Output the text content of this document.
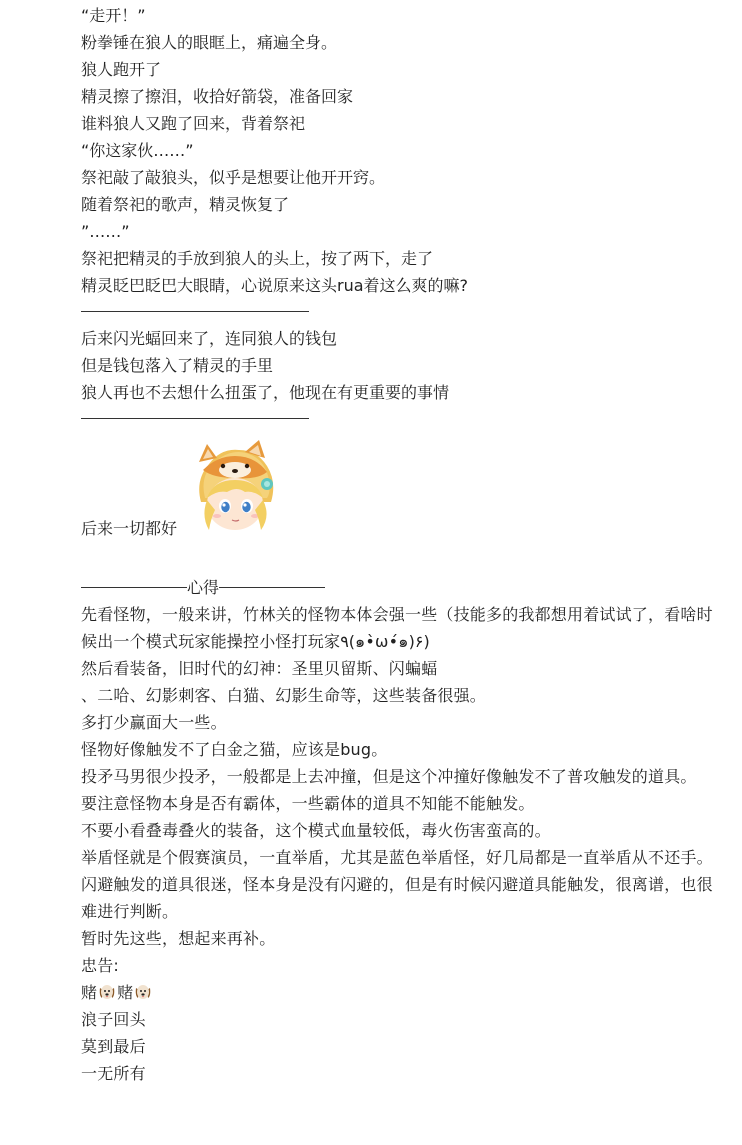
“走开！”
粉拳锤在狼人的眼眶上，痛遍全身。
狼人跑开了
精灵擦了擦泪，收拾好箭袋，准备回家
谁料狼人又跑了回来，背着祭祀
“你这家伙……”
祭祀敲了敲狼头，似乎是想要让他开开窍。
随着祭祀的歌声，精灵恢复了
”……”
祭祀把精灵的手放到狼人的头上，按了两下，走了
精灵眨巴眨巴大眼睛，心说原来这头rua着这么爽的嘛?
后来闪光蝠回来了，连同狼人的钱包
但是钱包落入了精灵的手里
狼人再也不去想什么扭蛋了，他现在有更重要的事情
后来一切都好
心得
先看怪物，一般来讲，竹林关的怪物本体会强一些（技能多的我都想用着试试了，看啥时候出一个模式玩家能操控小怪打玩家٩(๑•̀ω•́๑)۶)
然后看装备，旧时代的幻神：圣里贝留斯、闪蝙蝠
、二哈、幻影刺客、白猫、幻影生命等，这些装备很强。
多打少赢面大一些。
怪物好像触发不了白金之猫，应该是bug。
投矛马男很少投矛，一般都是上去冲撞，但是这个冲撞好像触发不了普攻触发的道具。
要注意怪物本身是否有霸体，一些霸体的道具不知能不能触发。
不要小看叠毒叠火的装备，这个模式血量较低，毒火伤害蛮高的。
举盾怪就是个假赛演员，一直举盾，尤其是蓝色举盾怪，好几局都是一直举盾从不还手。
闪避触发的道具很迷，怪本身是没有闪避的，但是有时候闪避道具能触发，很离谱，也很难进行判断。
暂时先这些，想起来再补。
忠告:
赌 赌
浪子回头
莫到最后
一无所有
